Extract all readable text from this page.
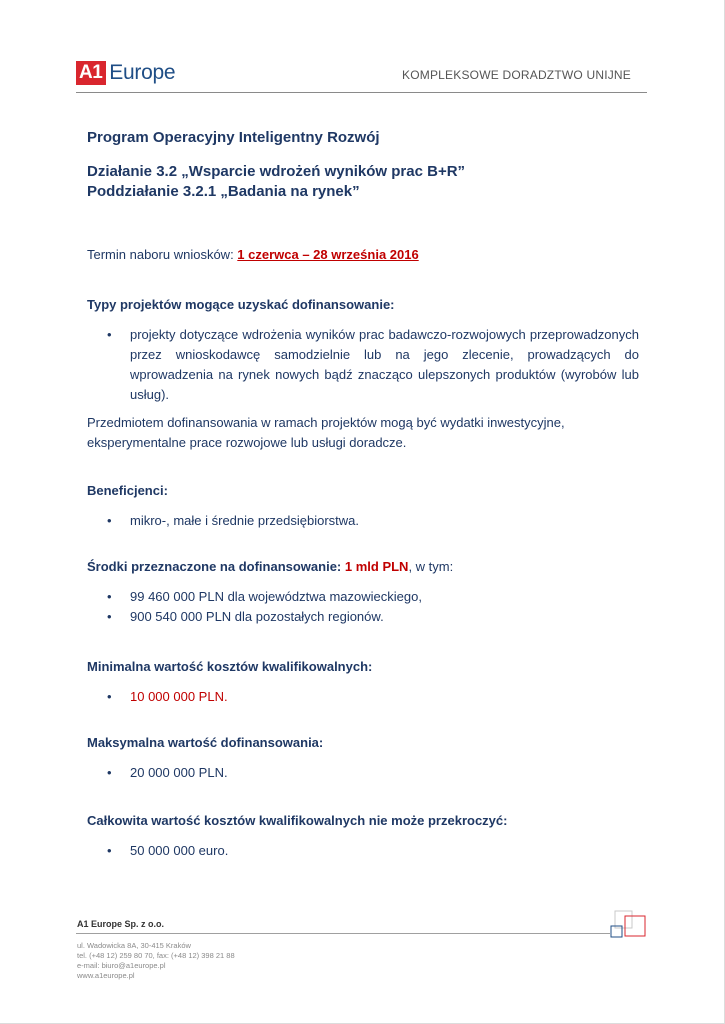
A1 Europe	KOMPLEKSOWE DORADZTWO UNIJNE

Program Operacyjny Inteligentny Rozwój

Działanie 3.2 „Wsparcie wdrożeń wyników prac B+R”

Poddziałanie 3.2.1 „Badania na rynek”

Termin naboru wniosków: 1 czerwca – 28 września 2016

Typy projektów mogące uzyskać dofinansowanie:

• projekty dotyczące wdrożenia wyników prac badawczo-rozwojowych przeprowadzonych przez wnioskodawcę samodzielnie lub na jego zlecenie, prowadzących do wprowadzenia na rynek nowych bądź znacząco ulepszonych produktów (wyrobów lub usług).

Przedmiotem dofinansowania w ramach projektów mogą być wydatki inwestycyjne, eksperymentalne prace rozwojowe lub usługi doradcze.

Beneficjenci:

• mikro-, małe i średnie przedsiębiorstwa.

Środki przeznaczone na dofinansowanie: 1 mld PLN, w tym:

• 99 460 000 PLN dla województwa mazowieckiego,
• 900 540 000 PLN dla pozostałych regionów.

Minimalna wartość kosztów kwalifikowalnych:

• 10 000 000 PLN.

Maksymalna wartość dofinansowania:

• 20 000 000 PLN.

Całkowita wartość kosztów kwalifikowalnych nie może przekroczyć:

• 50 000 000 euro.
A1 Europe Sp. z o.o.
ul. Wadowicka 8A, 30-415 Kraków
tel. (+48 12) 259 80 70, fax: (+48 12) 398 21 88
e-mail: biuro@a1europe.pl
www.a1europe.pl
